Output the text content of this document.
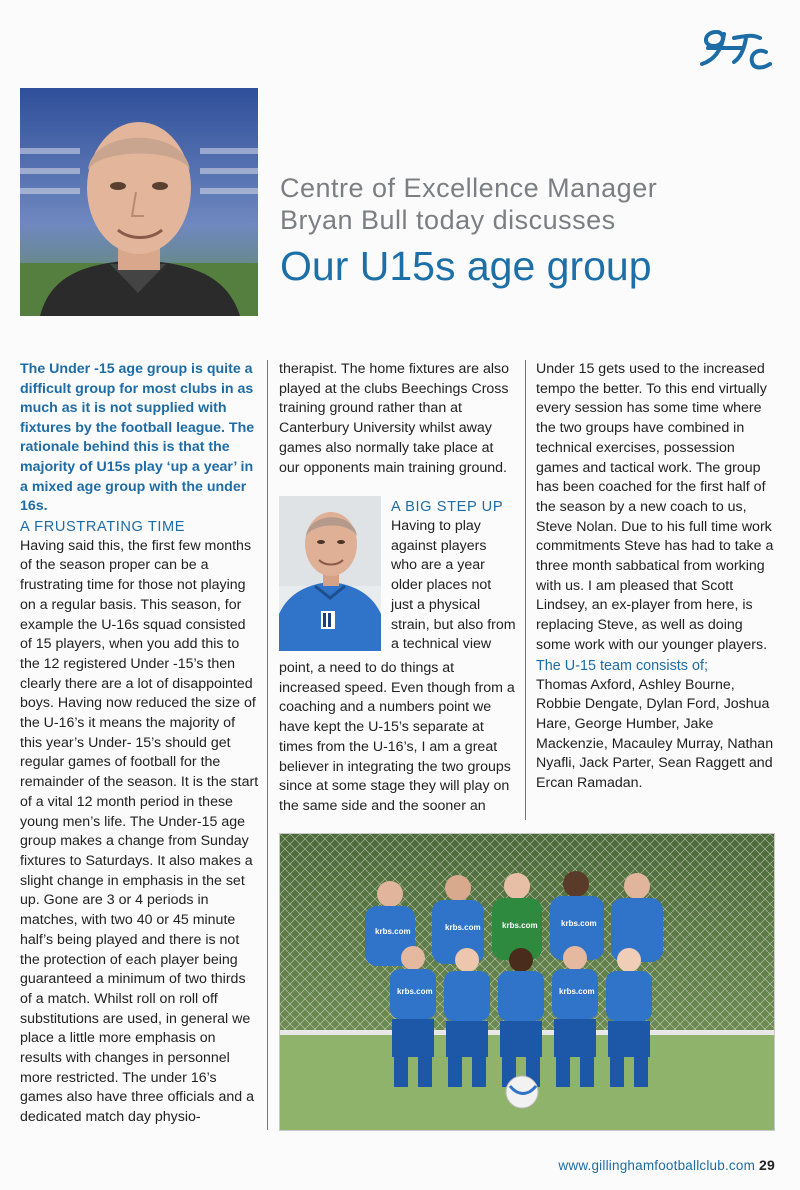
Centre of Excellence Manager
Bryan Bull today discusses
Our U15s age group

The Under -15 age group is quite a difficult group for most clubs in as much as it is not supplied with fixtures by the football league. The rationale behind this is that the majority of U15s play ‘up a year’ in a mixed age group with the under 16s.

A FRUSTRATING TIME

Having said this, the first few months of the season proper can be a frustrating time for those not playing on a regular basis. This season, for example the U-16s squad consisted of 15 players, when you add this to the 12 registered Under -15’s then clearly there are a lot of disappointed boys. Having now reduced the size of the U-16’s it means the majority of this year’s Under- 15’s should get regular games of football for the remainder of the season. It is the start of a vital 12 month period in these young men’s life. The Under-15 age group makes a change from Sunday fixtures to Saturdays. It also makes a slight change in emphasis in the set up. Gone are 3 or 4 periods in matches, with two 40 or 45 minute half’s being played and there is not the protection of each player being guaranteed a minimum of two thirds of a match. Whilst roll on roll off substitutions are used, in general we place a little more emphasis on results with changes in personnel more restricted. The under 16’s games also have three officials and a dedicated match day physio-

therapist. The home fixtures are also played at the clubs Beechings Cross training ground rather than at Canterbury University whilst away games also normally take place at our opponents main training ground.

A BIG STEP UP

Having to play against players who are a year older places not just a physical strain, but also from a technical view

point, a need to do things at increased speed. Even though from a coaching and a numbers point we have kept the U-15’s separate at times from the U-16’s, I am a great believer in integrating the two groups since at some stage they will play on the same side and the sooner an

Under 15 gets used to the increased tempo the better. To this end virtually every session has some time where the two groups have combined in technical exercises, possession games and tactical work. The group has been coached for the first half of the season by a new coach to us, Steve Nolan. Due to his full time work commitments Steve has had to take a three month sabbatical from working with us. I am pleased that Scott Lindsey, an ex-player from here, is replacing Steve, as well as doing some work with our younger players.

The U-15 team consists of;

Thomas Axford, Ashley Bourne, Robbie Dengate, Dylan Ford, Joshua Hare, George Humber, Jake Mackenzie, Macauley Murray, Nathan Nyafli, Jack Parter, Sean Raggett and Ercan Ramadan.

krbs.com	krbs.com	krbs.com	krbs.com
krbs.com	krbs.com
www.gillinghamfootballclub.com 29
